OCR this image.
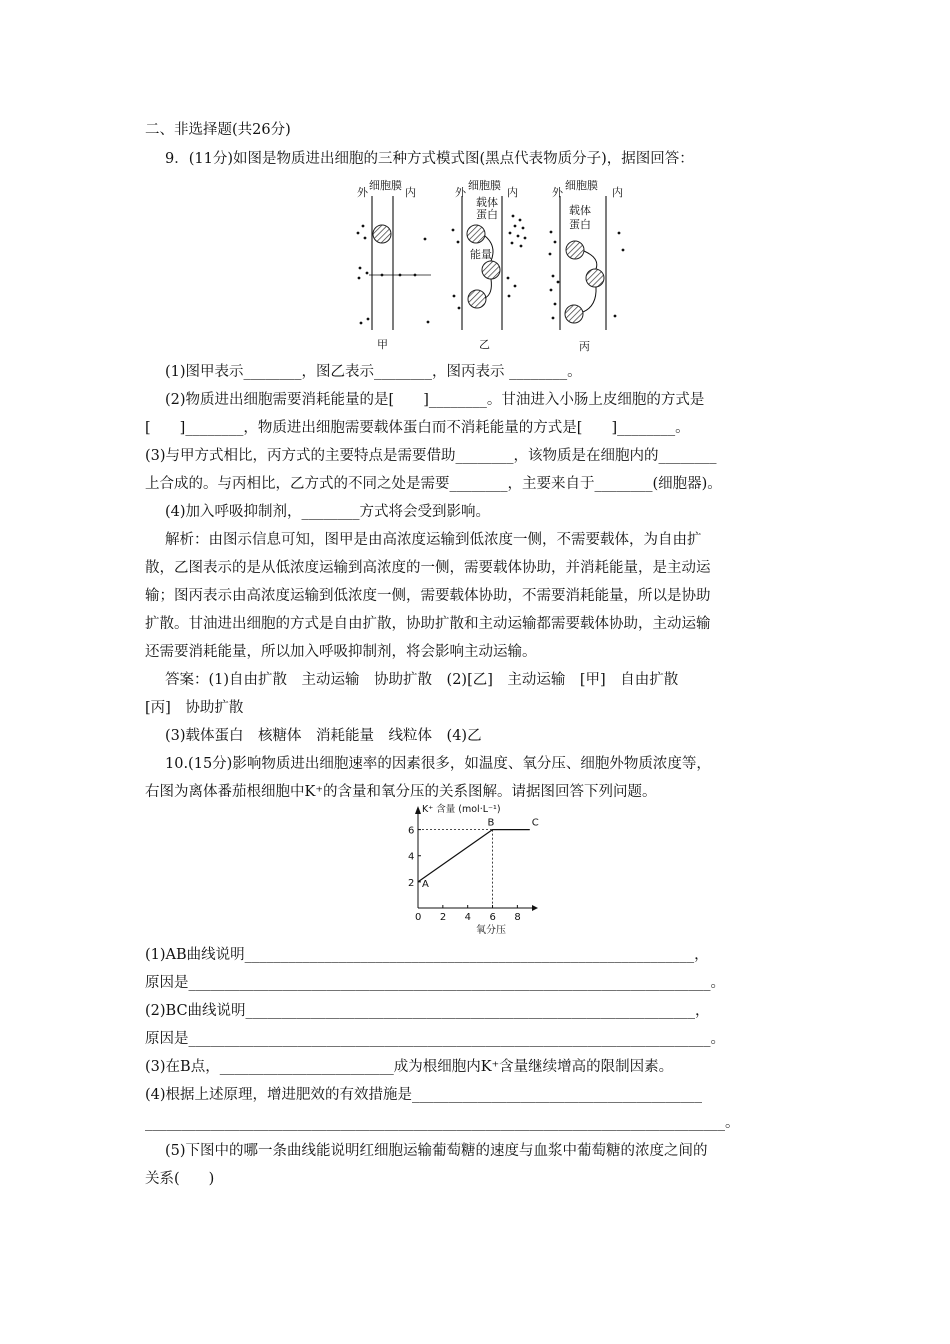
二、非选择题(共26分)
9．(11分)如图是物质进出细胞的三种方式模式图(黑点代表物质分子)，据图回答：
外
细胞膜
内
甲
外
细胞膜
内
载体
蛋白
能量
乙
外
细胞膜
内
载体
蛋白
丙
(1)图甲表示________，图乙表示________，图丙表示 ________。
(2)物质进出细胞需要消耗能量的是[　　]________。甘油进入小肠上皮细胞的方式是
[　　]________，物质进出细胞需要载体蛋白而不消耗能量的方式是[　　]________。
(3)与甲方式相比，丙方式的主要特点是需要借助________，该物质是在细胞内的________
上合成的。与丙相比，乙方式的不同之处是需要________，主要来自于________(细胞器)。
(4)加入呼吸抑制剂，________方式将会受到影响。
解析：由图示信息可知，图甲是由高浓度运输到低浓度一侧，不需要载体，为自由扩
散，乙图表示的是从低浓度运输到高浓度的一侧，需要载体协助，并消耗能量，是主动运
输；图丙表示由高浓度运输到低浓度一侧，需要载体协助，不需要消耗能量，所以是协助
扩散。甘油进出细胞的方式是自由扩散，协助扩散和主动运输都需要载体协助，主动运输
还需要消耗能量，所以加入呼吸抑制剂，将会影响主动运输。
答案：(1)自由扩散　主动运输　协助扩散　(2)[乙]　主动运输　[甲]　自由扩散
[丙]　协助扩散
(3)载体蛋白　核糖体　消耗能量　线粒体　(4)乙
10.(15分)影响物质进出细胞速率的因素很多，如温度、氧分压、细胞外物质浓度等，
右图为离体番茄根细胞中K⁺的含量和氧分压的关系图解。请据图回答下列问题。
K⁺ 含量 (mol·L⁻¹)
氧分压
0 2 4 6 8
2
4
6
A
B	C
(1)AB曲线说明______________________________________________________________，
原因是________________________________________________________________________。
(2)BC曲线说明______________________________________________________________，
原因是________________________________________________________________________。
(3)在B点，________________________成为根细胞内K⁺含量继续增高的限制因素。
(4)根据上述原理，增进肥效的有效措施是________________________________________
________________________________________________________________________________。
(5)下图中的哪一条曲线能说明红细胞运输葡萄糖的速度与血浆中葡萄糖的浓度之间的
关系(　　)
